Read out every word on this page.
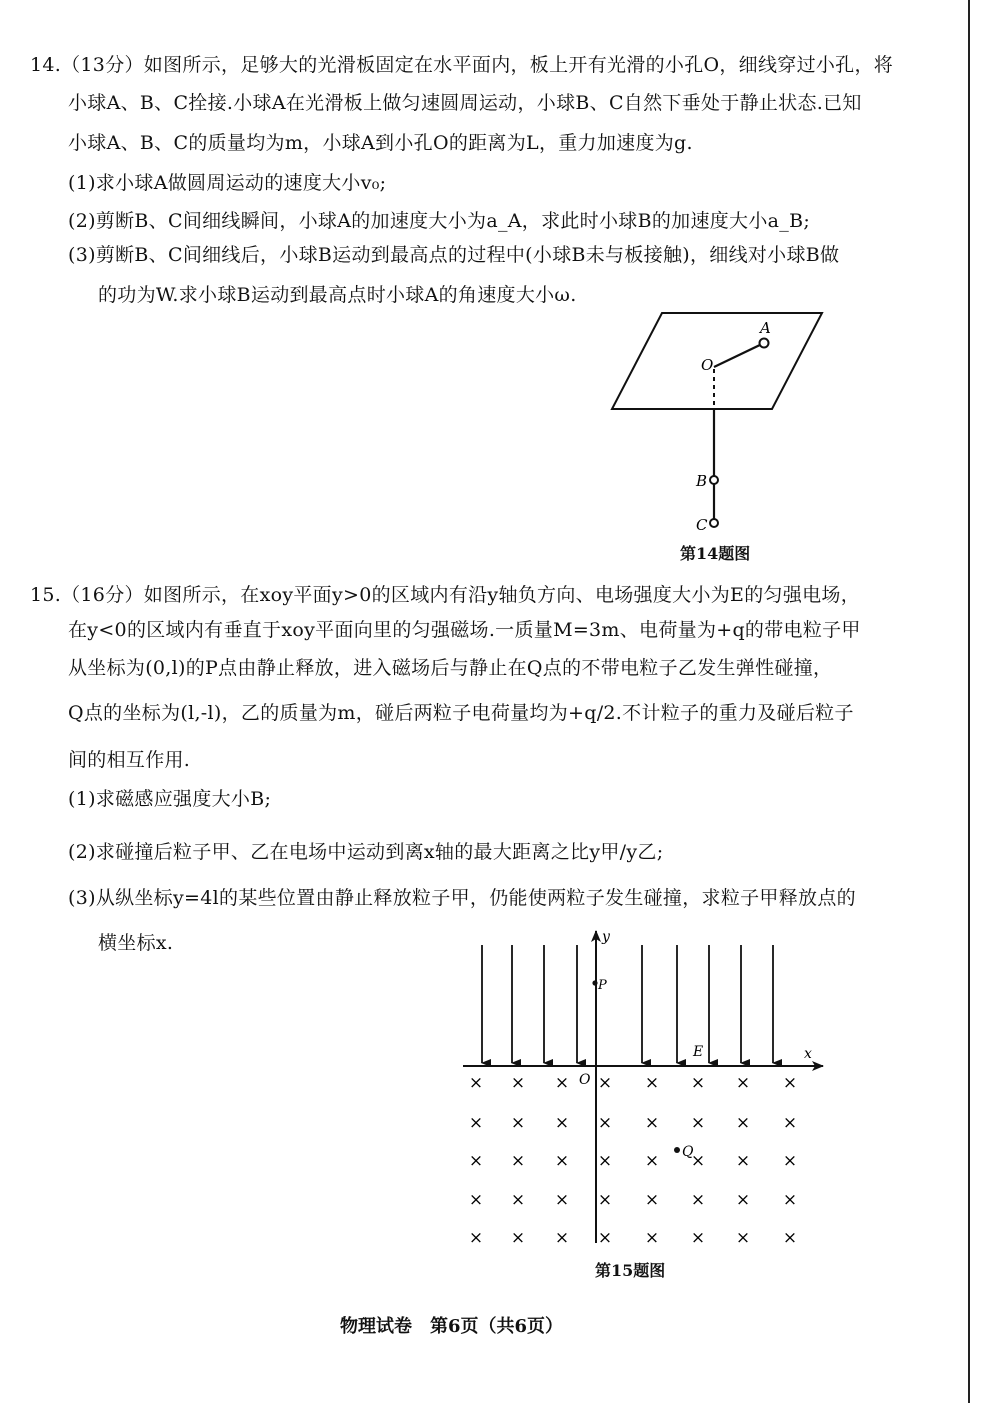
14.（13分）如图所示，足够大的光滑板固定在水平面内，板上开有光滑的小孔O，细线穿过小孔，将
小球A、B、C拴接.小球A在光滑板上做匀速圆周运动，小球B、C自然下垂处于静止状态.已知
小球A、B、C的质量均为m，小球A到小孔O的距离为L，重力加速度为g.
(1)求小球A做圆周运动的速度大小v₀;
(2)剪断B、C间细线瞬间，小球A的加速度大小为a_A，求此时小球B的加速度大小a_B;
(3)剪断B、C间细线后，小球B运动到最高点的过程中(小球B未与板接触)，细线对小球B做
的功为W.求小球B运动到最高点时小球A的角速度大小ω.
O
A
B
C
第14题图
15.（16分）如图所示，在xoy平面y>0的区域内有沿y轴负方向、电场强度大小为E的匀强电场，
在y<0的区域内有垂直于xoy平面向里的匀强磁场.一质量M=3m、电荷量为+q的带电粒子甲
从坐标为(0,l)的P点由静止释放，进入磁场后与静止在Q点的不带电粒子乙发生弹性碰撞，
Q点的坐标为(l,-l)，乙的质量为m，碰后两粒子电荷量均为+q/2.不计粒子的重力及碰后粒子
间的相互作用.
(1)求磁感应强度大小B;
(2)求碰撞后粒子甲、乙在电场中运动到离x轴的最大距离之比y甲/y乙;
(3)从纵坐标y=4l的某些位置由静止释放粒子甲，仍能使两粒子发生碰撞，求粒子甲释放点的
横坐标x.
× × × × × × × ×
× × × × × × × ×
× × × × × × × ×
× × × × × × × ×
× × × × × × × ×
y
x
O
P
E
Q
第15题图
物理试卷　第6页（共6页）
